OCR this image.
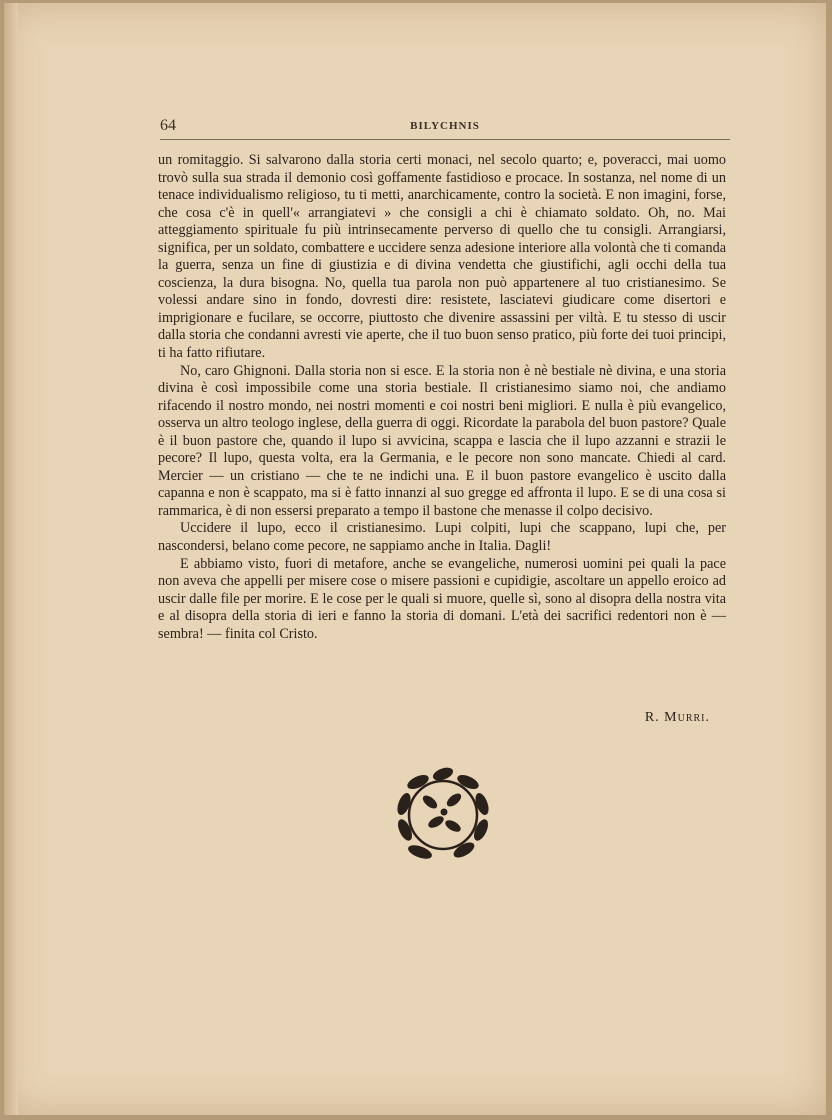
64	BILYCHNIS

un romitaggio. Si salvarono dalla storia certi monaci, nel secolo quarto; e, poveracci, mai uomo trovò sulla sua strada il demonio così goffamente fastidioso e procace. In sostanza, nel nome di un tenace individualismo religioso, tu ti metti, anarchicamente, contro la società. E non imagini, forse, che cosa c'è in quell'« arrangiatevi » che consigli a chi è chiamato soldato. Oh, no. Mai atteggiamento spirituale fu più intrinsecamente perverso di quello che tu consigli. Arrangiarsi, significa, per un soldato, combattere e uccidere senza adesione interiore alla volontà che ti comanda la guerra, senza un fine di giustizia e di divina vendetta che giustifichi, agli occhi della tua coscienza, la dura bisogna. No, quella tua parola non può appartenere al tuo cristianesimo. Se volessi andare sino in fondo, dovresti dire: resistete, lasciatevi giudicare come disertori e imprigionare e fucilare, se occorre, piuttosto che divenire assassini per viltà. E tu stesso di uscir dalla storia che condanni avresti vie aperte, che il tuo buon senso pratico, più forte dei tuoi principi, ti ha fatto rifiutare.

No, caro Ghignoni. Dalla storia non si esce. E la storia non è nè bestiale nè divina, e una storia divina è così impossibile come una storia bestiale. Il cristianesimo siamo noi, che andiamo rifacendo il nostro mondo, nei nostri momenti e coi nostri beni migliori. E nulla è più evangelico, osserva un altro teologo inglese, della guerra di oggi. Ricordate la parabola del buon pastore? Quale è il buon pastore che, quando il lupo si avvicina, scappa e lascia che il lupo azzanni e strazii le pecore? Il lupo, questa volta, era la Germania, e le pecore non sono mancate. Chiedi al card. Mercier — un cristiano — che te ne indichi una. E il buon pastore evangelico è uscito dalla capanna e non è scappato, ma si è fatto innanzi al suo gregge ed affronta il lupo. E se di una cosa si rammarica, è di non essersi preparato a tempo il bastone che menasse il colpo decisivo.

Uccidere il lupo, ecco il cristianesimo. Lupi colpiti, lupi che scappano, lupi che, per nascondersi, belano come pecore, ne sappiamo anche in Italia. Dagli!

E abbiamo visto, fuori di metafore, anche se evangeliche, numerosi uomini pei quali la pace non aveva che appelli per misere cose o misere passioni e cupidigie, ascoltare un appello eroico ad uscir dalle file per morire. E le cose per le quali si muore, quelle sì, sono al disopra della nostra vita e al disopra della storia di ieri e fanno la storia di domani. L'età dei sacrifici redentori non è — sembra! — finita col Cristo.

R. Murri.
